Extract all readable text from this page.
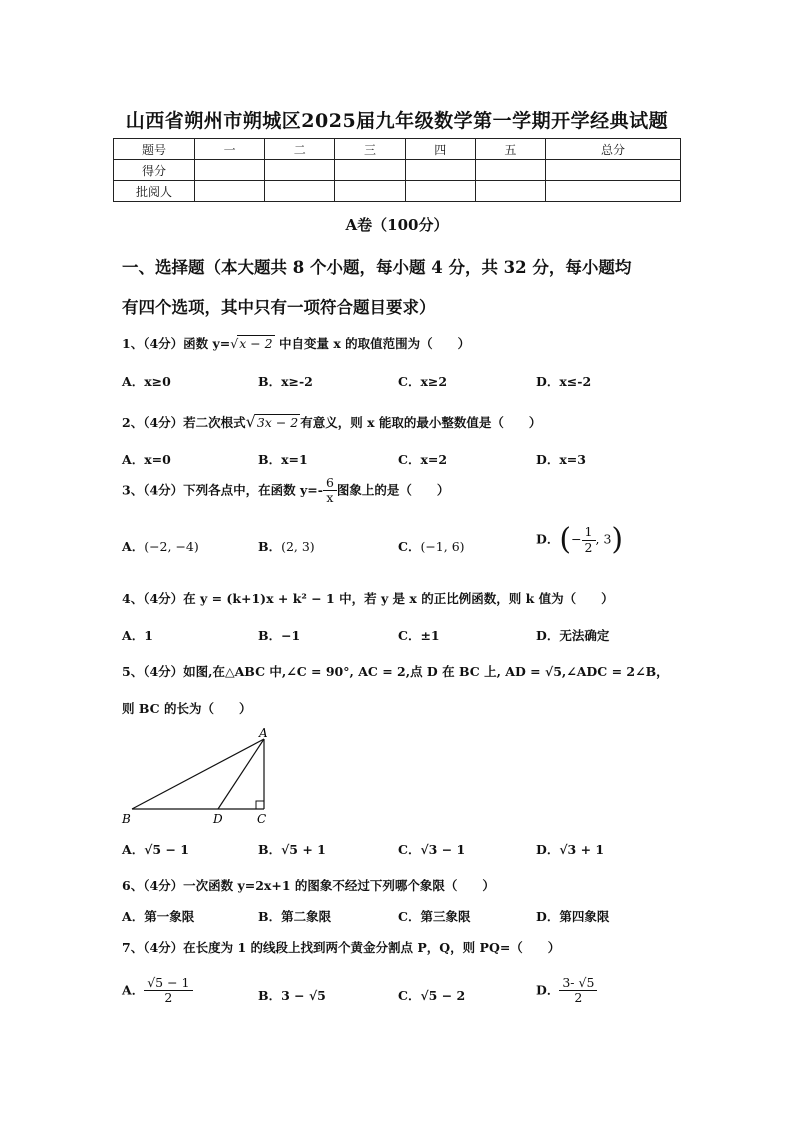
山西省朔州市朔城区2025届九年级数学第一学期开学经典试题
题号	一	二	三	四	五	总分
得分						
批阅人						
A卷（100分）
一、选择题（本大题共 8 个小题，每小题 4 分，共 32 分，每小题均
有四个选项，其中只有一项符合题目要求）
1、（4分）函数 y=√x − 2 中自变量 x 的取值范围为（　　）
A．x≥0	B．x≥-2	C．x≥2	D．x≤-2
2、（4分）若二次根式√3x − 2 有意义，则 x 能取的最小整数值是（　　）
A．x=0	B．x=1	C．x=2	D．x=3
3、（4分）下列各点中，在函数 $y=- \frac{6}{x}$ 图象上的是（　　）
A．(−2, −4)	B．(2, 3)	C．(−1, 6)	D．(− $\frac{1}{2}$ , 3)
4、（4分）在 y = (k+1)x + k² − 1 中，若 y 是 x 的正比例函数，则 k 值为（　　）
A．1	B．−1	C．±1	D．无法确定
5、（4分）如图,在△ABC 中,∠C = 90°, AC = 2,点 D 在 BC 上, AD = √5,∠ADC = 2∠B，
则 BC 的长为（　　）
A
B	D	C
A．√5 − 1	B．√5 + 1	C．√3 − 1	D．√3 + 1
6、（4分）一次函数 y=2x+1 的图象不经过下列哪个象限（　　）
A．第一象限	B．第二象限	C．第三象限	D．第四象限
7、（4分）在长度为 1 的线段上找到两个黄金分割点 P，Q，则 PQ=（　　）
A． $\frac{√5 - 1}{2}$	B．3 − √5	C．√5 − 2	D． $\frac{3- √5}{2}$
